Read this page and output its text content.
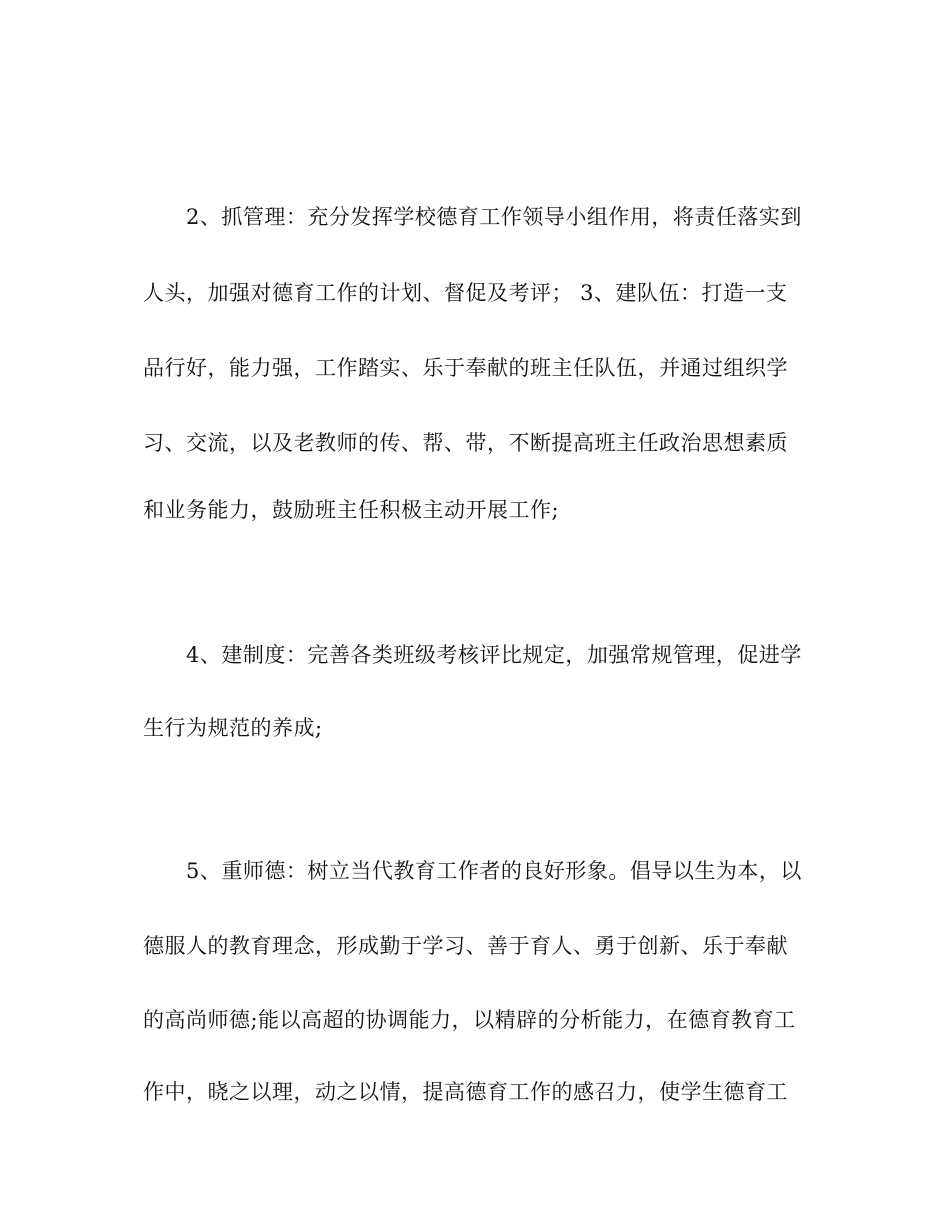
2、抓管理：充分发挥学校德育工作领导小组作用，将责任落实到
人头，加强对德育工作的计划、督促及考评； 3、建队伍：打造一支
品行好，能力强，工作踏实、乐于奉献的班主任队伍，并通过组织学
习、交流，以及老教师的传、帮、带，不断提高班主任政治思想素质
和业务能力，鼓励班主任积极主动开展工作;
4、建制度：完善各类班级考核评比规定，加强常规管理，促进学
生行为规范的养成;
5、重师德：树立当代教育工作者的良好形象。倡导以生为本，以
德服人的教育理念，形成勤于学习、善于育人、勇于创新、乐于奉献
的高尚师德;能以高超的协调能力，以精辟的分析能力，在德育教育工
作中，晓之以理，动之以情，提高德育工作的感召力，使学生德育工
